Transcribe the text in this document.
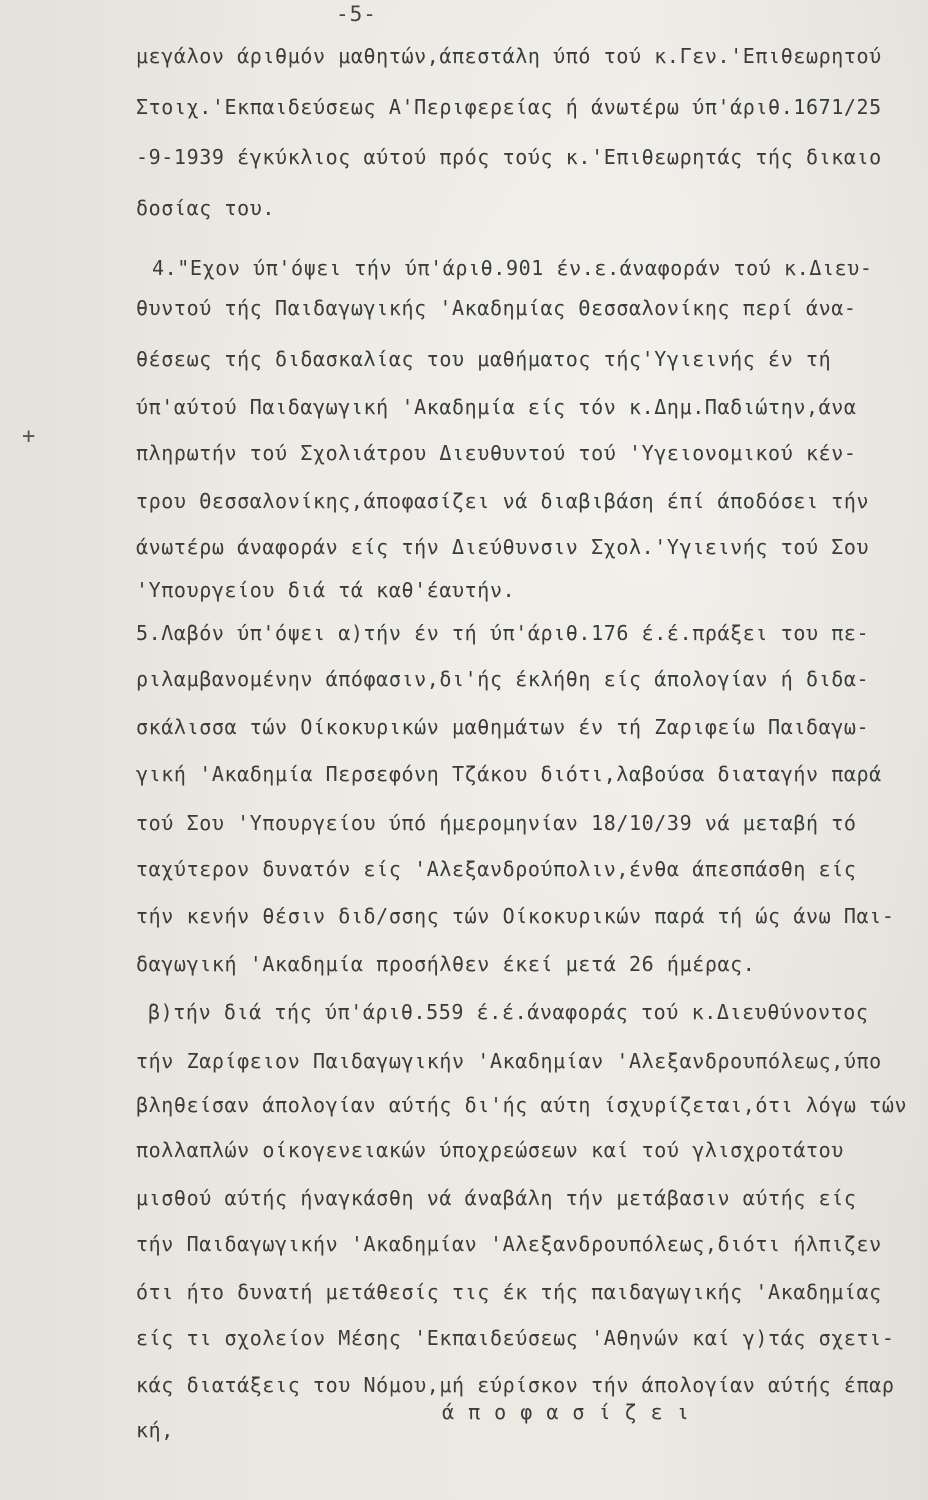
-5-
+
μεγάλον άριθμόν μαθητών,άπεστάλη ύπό τού κ.Γεν.'Επιθεωρητού
Στοιχ.'Εκπαιδεύσεως Α'Περιφερείας ή άνωτέρω ύπ'άριθ.1671/25
-9-1939 έγκύκλιος αύτού πρός τούς κ.'Επιθεωρητάς τής δικαιο
δοσίας του.
4."Εχον ύπ'όψει τήν ύπ'άριθ.901 έν.ε.άναφοράν τού κ.Διευ-
θυντού τής Παιδαγωγικής 'Ακαδημίας Θεσσαλονίκης περί άνα-
θέσεως τής διδασκαλίας του μαθήματος τής'Υγιεινής έν τή
ύπ'αύτού Παιδαγωγική 'Ακαδημία είς τόν κ.Δημ.Παδιώτην,άνα
πληρωτήν τού Σχολιάτρου Διευθυντού τού 'Υγειονομικού κέν-
τρου Θεσσαλονίκης,άποφασίζει νά διαβιβάση έπί άποδόσει τήν
άνωτέρω άναφοράν είς τήν Διεύθυνσιν Σχολ.'Υγιεινής τού Σου
'Υπουργείου διά τά καθ'έαυτήν.
5.Λαβόν ύπ'όψει α)τήν έν τή ύπ'άριθ.176 έ.έ.πράξει του πε-
ριλαμβανομένην άπόφασιν,δι'ής έκλήθη είς άπολογίαν ή διδα-
σκάλισσα τών Οίκοκυρικών μαθημάτων έν τή Ζαριφείω Παιδαγω-
γική 'Ακαδημία Περσεφόνη Τζάκου διότι,λαβούσα διαταγήν παρά
τού Σου 'Υπουργείου ύπό ήμερομηνίαν 18/10/39 νά μεταβή τό
ταχύτερον δυνατόν είς 'Αλεξανδρούπολιν,ένθα άπεσπάσθη είς
τήν κενήν θέσιν διδ/σσης τών Οίκοκυρικών παρά τή ώς άνω Παι-
δαγωγική 'Ακαδημία προσήλθεν έκεί μετά 26 ήμέρας.
β)τήν διά τής ύπ'άριθ.559 έ.έ.άναφοράς τού κ.Διευθύνοντος
τήν Ζαρίφειον Παιδαγωγικήν 'Ακαδημίαν 'Αλεξανδρουπόλεως,ύπο
βληθείσαν άπολογίαν αύτής δι'ής αύτη ίσχυρίζεται,ότι λόγω τών
πολλαπλών οίκογενειακών ύποχρεώσεων καί τού γλισχροτάτου
μισθού αύτής ήναγκάσθη νά άναβάλη τήν μετάβασιν αύτής είς
τήν Παιδαγωγικήν 'Ακαδημίαν 'Αλεξανδρουπόλεως,διότι ήλπιζεν
ότι ήτο δυνατή μετάθεσίς τις έκ τής παιδαγωγικής 'Ακαδημίας
είς τι σχολείον Μέσης 'Εκπαιδεύσεως 'Αθηνών καί γ)τάς σχετι-
κάς διατάξεις του Νόμου,μή εύρίσκον τήν άπολογίαν αύτής έπαρ
κή,
ά π ο φ α σ ί ζ ε ι
